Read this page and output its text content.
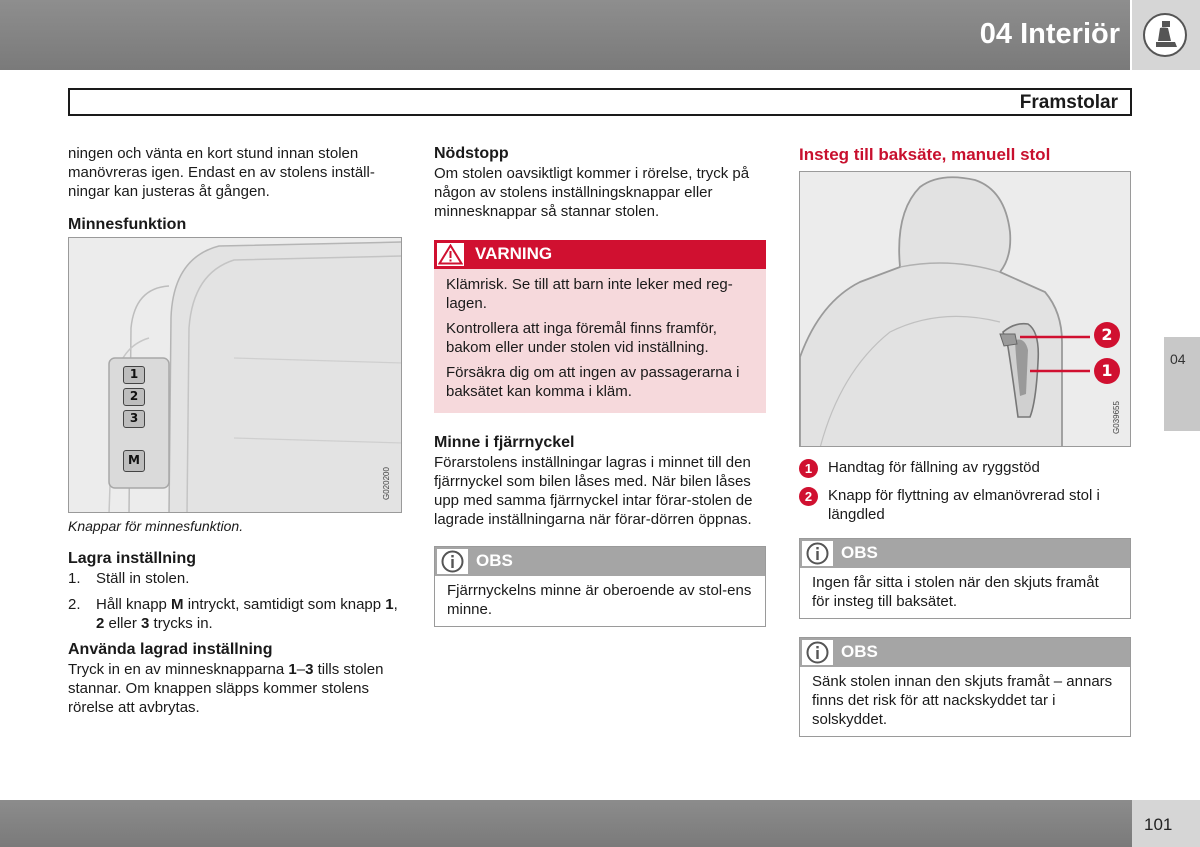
04 Interiör
Framstolar
04

ningen och vänta en kort stund innan stolen manövreras igen. Endast en av stolens inställ-ningar kan justeras åt gången.

Minnesfunktion
1
2
3
M
G020200

Knappar för minnesfunktion.

Lagra inställning
1. Ställ in stolen.
2. Håll knapp M intryckt, samtidigt som knapp 1, 2 eller 3 trycks in.
Använda lagrad inställning

Tryck in en av minnesknapparna 1–3 tills stolen stannar. Om knappen släpps kommer stolens rörelse att avbrytas.

Nödstopp

Om stolen oavsiktligt kommer i rörelse, tryck på någon av stolens inställningsknappar eller minnesknappar så stannar stolen.

VARNING

Klämrisk. Se till att barn inte leker med reg-lagen.

Kontrollera att inga föremål finns framför, bakom eller under stolen vid inställning.

Försäkra dig om att ingen av passagerarna i baksätet kan komma i kläm.

Minne i fjärrnyckel

Förarstolens inställningar lagras i minnet till den fjärrnyckel som bilen låses med. När bilen låses upp med samma fjärrnyckel intar förar-stolen de lagrade inställningarna när förar-dörren öppnas.

OBS

Fjärrnyckelns minne är oberoende av stol-ens minne.

Insteg till baksäte, manuell stol
2
1
G039655
1	Handtag för fällning av ryggstöd

2	Knapp för flyttning av elmanövrerad stol i längdled

OBS

Ingen får sitta i stolen när den skjuts framåt för insteg till baksätet.

OBS

Sänk stolen innan den skjuts framåt – annars finns det risk för att nackskyddet tar i solskyddet.

101
